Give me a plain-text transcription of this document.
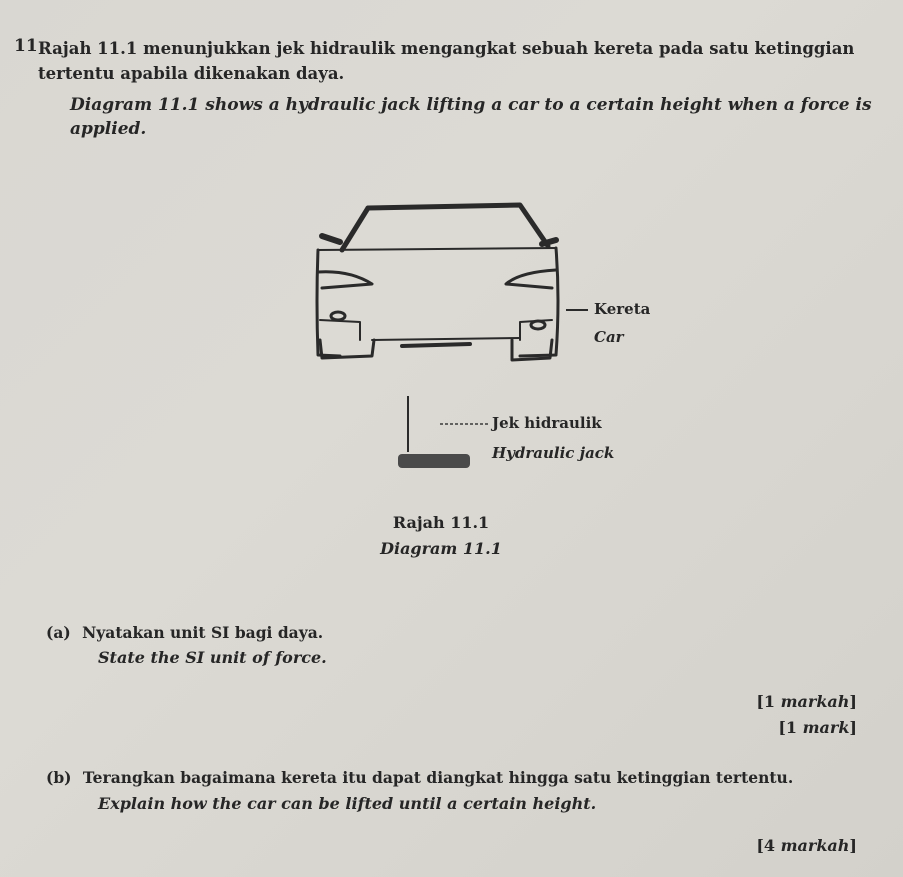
11 Rajah 11.1 menunjukkan jek hidraulik mengangkat sebuah kereta pada satu ketinggian tertentu apabila dikenakan daya.
Diagram 11.1 shows a hydraulic jack lifting a car to a certain height when a force is applied.
Kereta
Car
Jek hidraulik
Hydraulic jack
Rajah 11.1
Diagram 11.1
(a) Nyatakan unit SI bagi daya.
State the SI unit of force.
[1 markah]
[1 mark]
(b) Terangkan bagaimana kereta itu dapat diangkat hingga satu ketinggian tertentu.
Explain how the car can be lifted until a certain height.
[4 markah]
